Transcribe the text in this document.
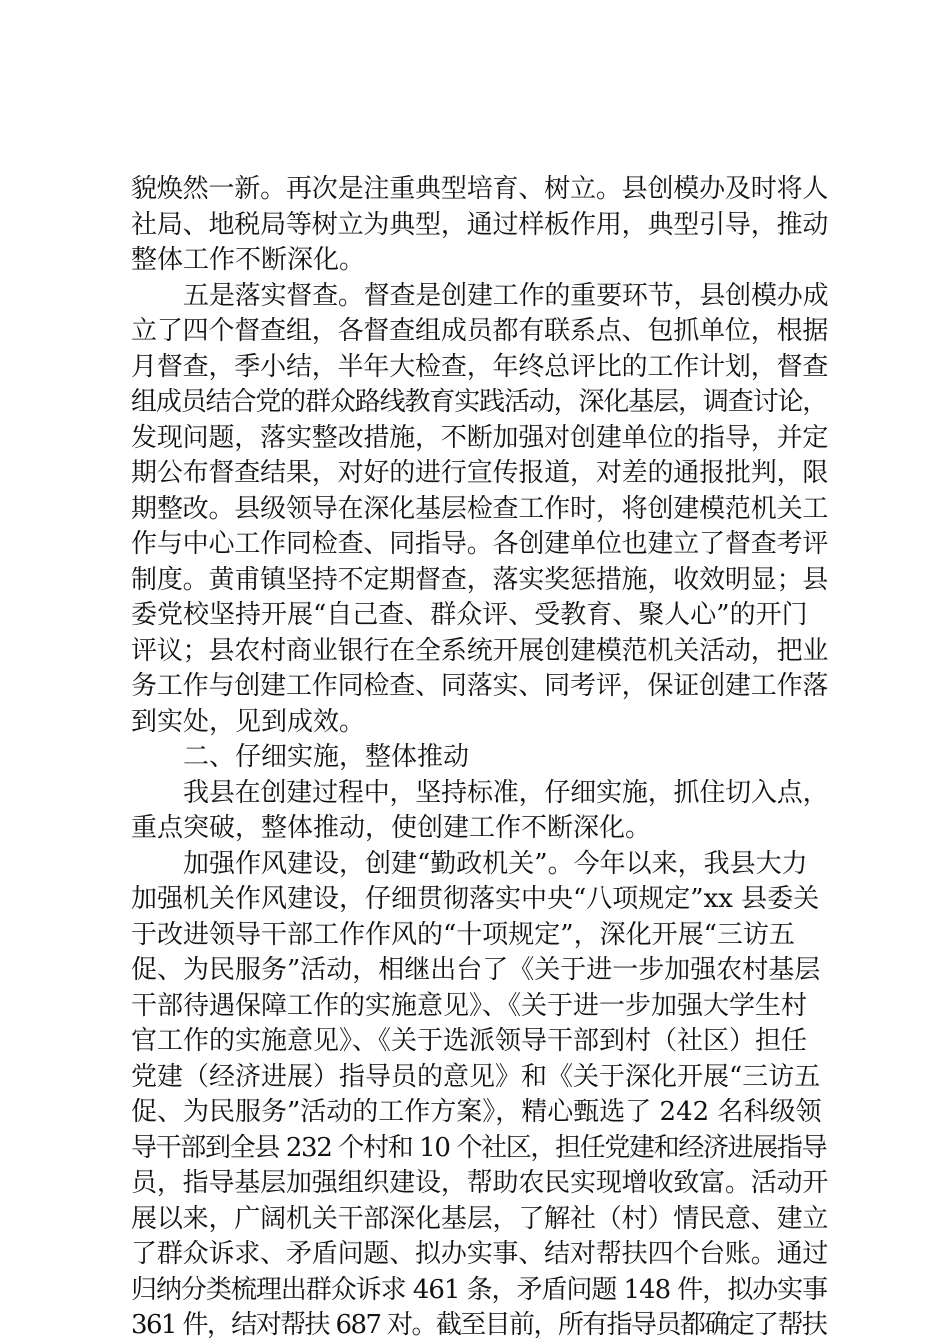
貌焕然一新。再次是注重典型培育、树立。县创模办及时将人
社局、地税局等树立为典型，通过样板作用，典型引导，推动
整体工作不断深化。
五是落实督查。督查是创建工作的重要环节，县创模办成
立了四个督查组，各督查组成员都有联系点、包抓单位，根据
月督查，季小结，半年大检查，年终总评比的工作计划，督查
组成员结合党的群众路线教育实践活动，深化基层，调查讨论，
发现问题，落实整改措施，不断加强对创建单位的指导，并定
期公布督查结果，对好的进行宣传报道，对差的通报批判，限
期整改。县级领导在深化基层检查工作时，将创建模范机关工
作与中心工作同检查、同指导。各创建单位也建立了督查考评
制度。黄甫镇坚持不定期督查，落实奖惩措施，收效明显；县
委党校坚持开展“自己查、群众评、受教育、聚人心”的开门
评议；县农村商业银行在全系统开展创建模范机关活动，把业
务工作与创建工作同检查、同落实、同考评，保证创建工作落
到实处，见到成效。
二、仔细实施，整体推动
我县在创建过程中，坚持标准，仔细实施，抓住切入点，
重点突破，整体推动，使创建工作不断深化。
加强作风建设，创建“勤政机关”。今年以来，我县大力
加强机关作风建设，仔细贯彻落实中央“八项规定”xx 县委关
于改进领导干部工作作风的“十项规定”，深化开展“三访五
促、为民服务”活动，相继出台了《关于进一步加强农村基层
干部待遇保障工作的实施意见》、《关于进一步加强大学生村
官工作的实施意见》、《关于选派领导干部到村（社区）担任
党建（经济进展）指导员的意见》和《关于深化开展“三访五
促、为民服务”活动的工作方案》，精心甄选了 242 名科级领
导干部到全县 232 个村和 10 个社区，担任党建和经济进展指导
员，指导基层加强组织建设，帮助农民实现增收致富。活动开
展以来，广阔机关干部深化基层，了解社（村）情民意、建立
了群众诉求、矛盾问题、拟办实事、结对帮扶四个台账。通过
归纳分类梳理出群众诉求 461 条，矛盾问题 148 件，拟办实事
361 件，结对帮扶 687 对。截至目前，所有指导员都确定了帮扶
